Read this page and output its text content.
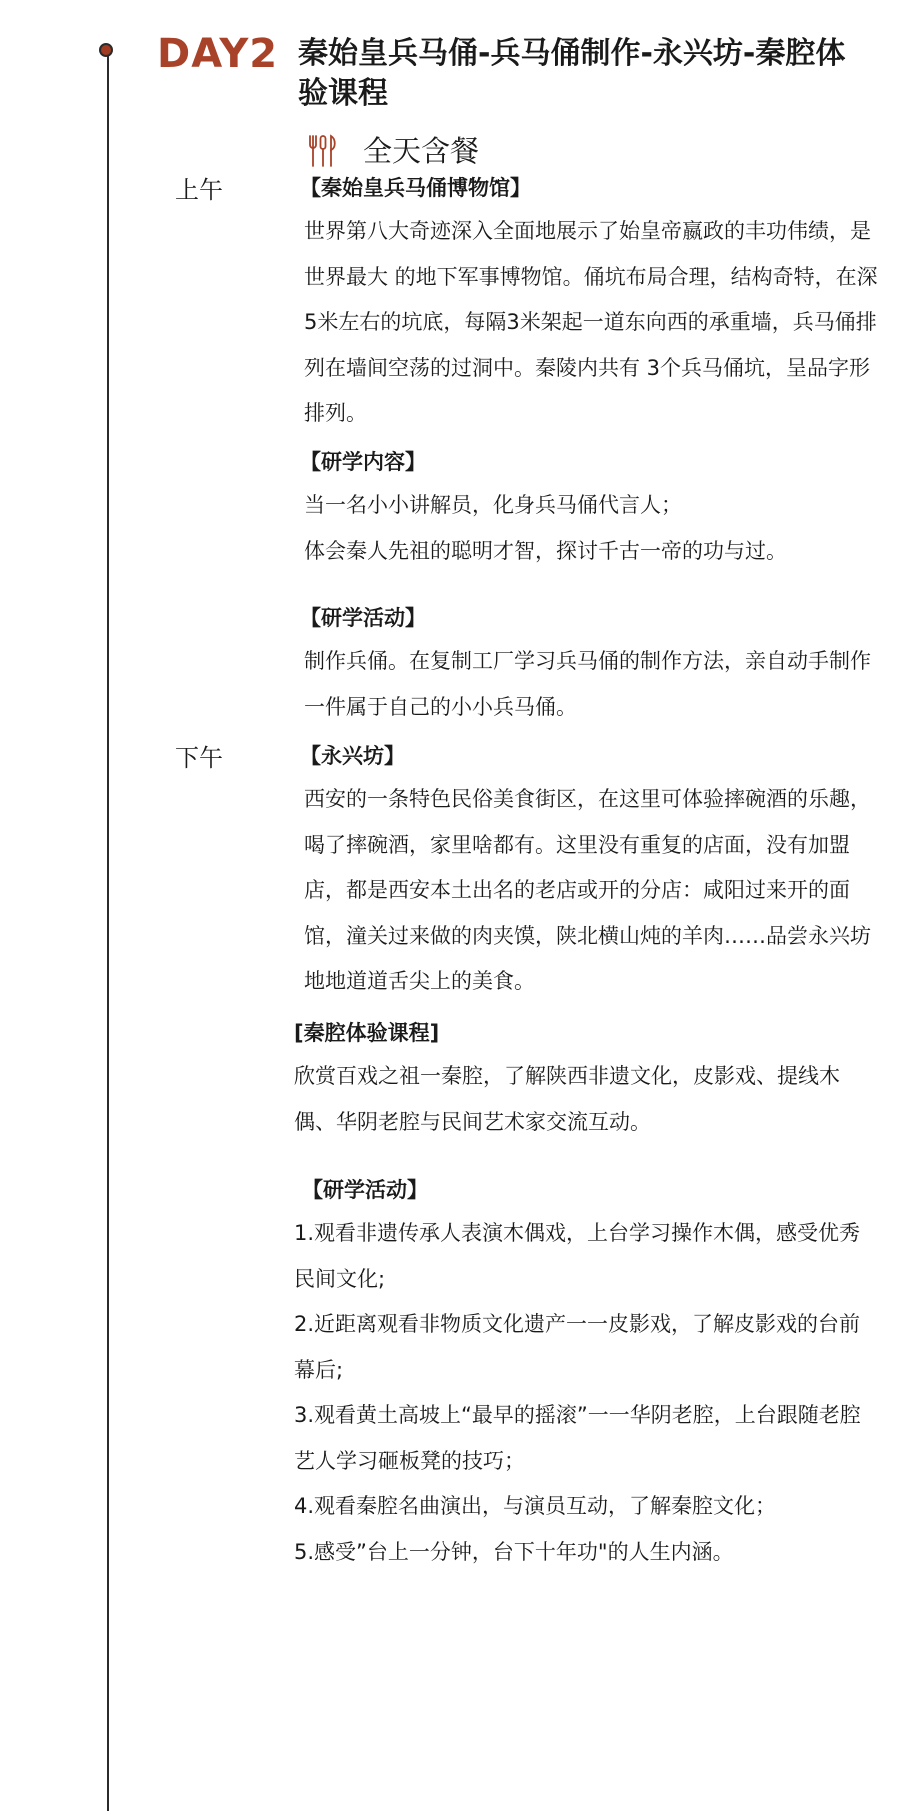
DAY2 秦始皇兵马俑-兵马俑制作-永兴坊-秦腔体验课程
全天含餐
上午	【秦始皇兵马俑博物馆】

世界第八大奇迹深入全面地展示了始皇帝嬴政的丰功伟绩，是世界最大 的地下军事博物馆。俑坑布局合理，结构奇特，在深 5米左右的坑底，每隔3米架起一道东向西的承重墙，兵马俑排列在墙间空荡的过洞中。秦陵内共有 3个兵马俑坑，呈品字形排列。

【研学内容】
当一名小小讲解员，化身兵马俑代言人；
体会秦人先祖的聪明才智，探讨千古一帝的功与过。
【研学活动】

制作兵俑。在复制工厂学习兵马俑的制作方法，亲自动手制作一件属于自己的小小兵马俑。

下午	【永兴坊】

西安的一条特色民俗美食街区，在这里可体验摔碗酒的乐趣，喝了摔碗酒，家里啥都有。这里没有重复的店面，没有加盟店，都是西安本土出名的老店或开的分店：咸阳过来开的面馆，潼关过来做的肉夹馍，陕北横山炖的羊肉……品尝永兴坊地地道道舌尖上的美食。

[秦腔体验课程]

欣赏百戏之祖一秦腔，了解陕西非遗文化，皮影戏、提线木偶、华阴老腔与民间艺术家交流互动。

【研学活动】

1.观看非遗传承人表演木偶戏，上台学习操作木偶，感受优秀民间文化;

2.近距离观看非物质文化遗产一一皮影戏，了解皮影戏的台前幕后;

3.观看黄土高坡上“最早的摇滚”一一华阴老腔，上台跟随老腔艺人学习砸板凳的技巧；

4.观看秦腔名曲演出，与演员互动，了解秦腔文化；

5.感受”台上一分钟，台下十年功"的人生内涵。
